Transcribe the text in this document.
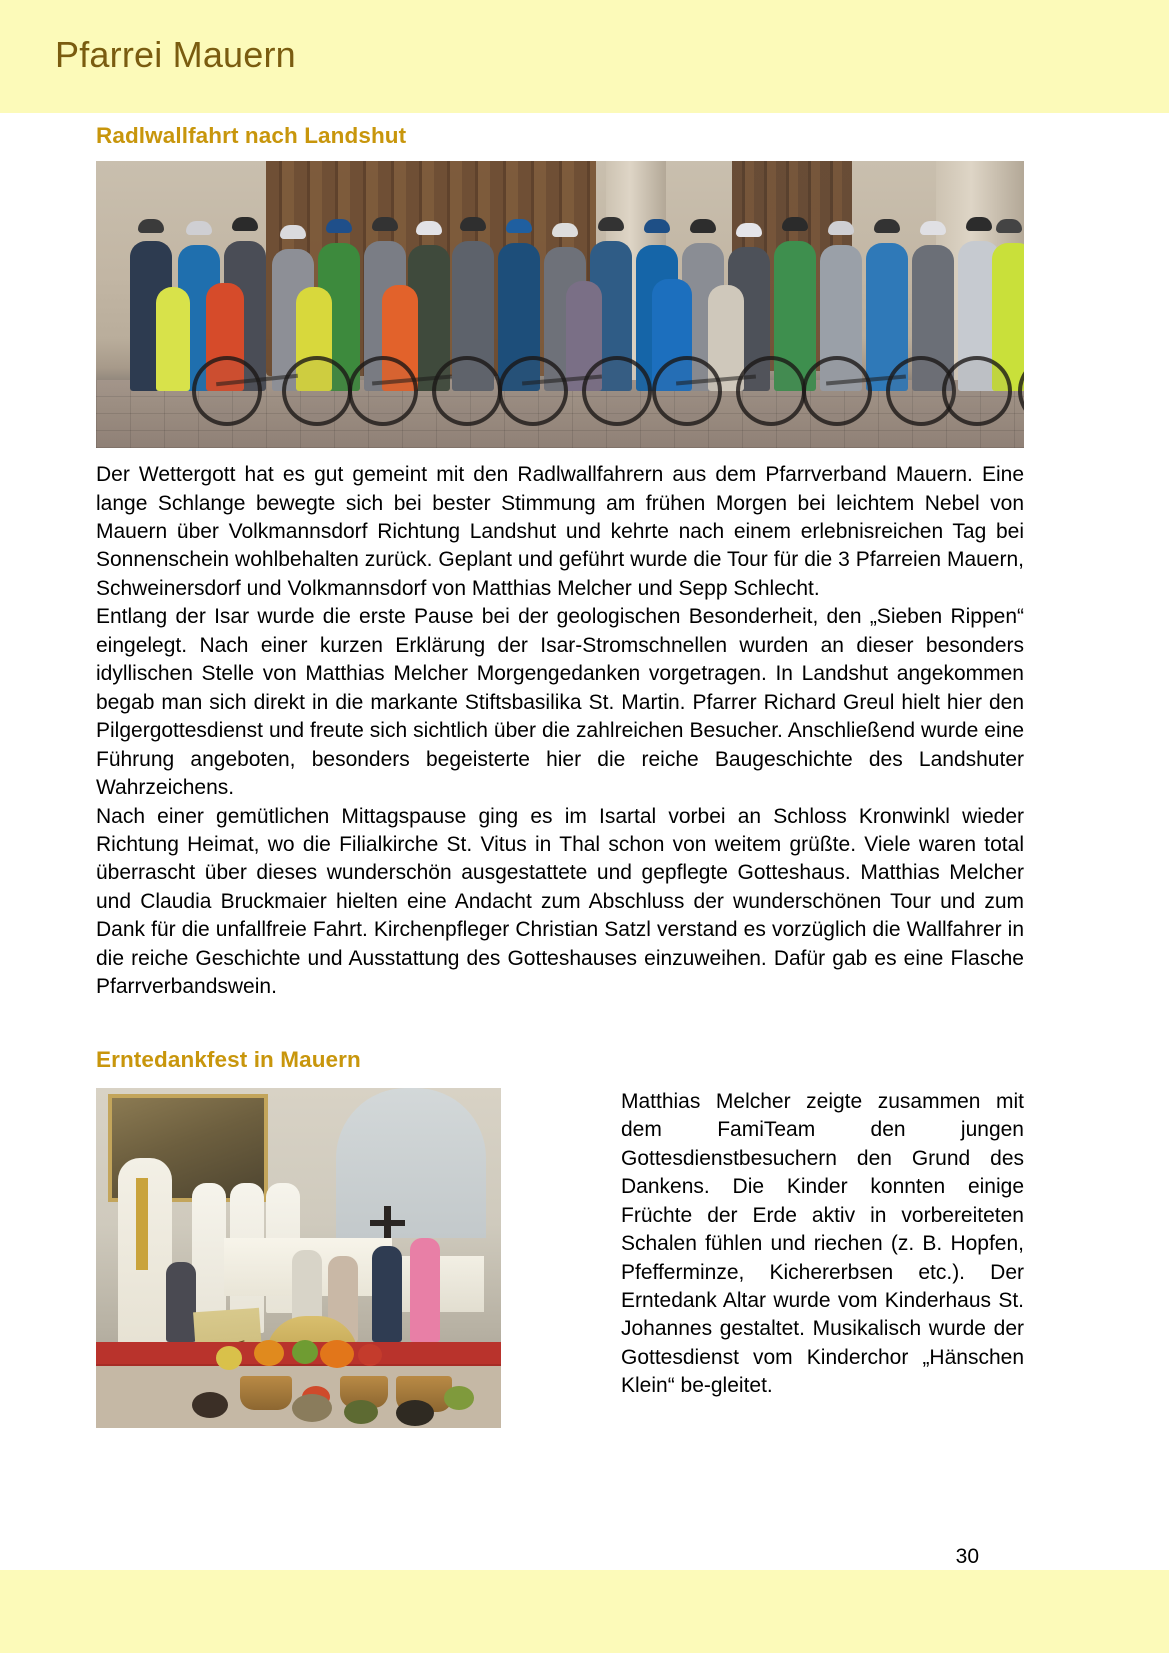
Pfarrei Mauern
Radlwallfahrt nach Landshut

Der Wettergott hat es gut gemeint mit den Radlwallfahrern aus dem Pfarrverband Mauern. Eine lange Schlange bewegte sich bei bester Stimmung am frühen Morgen bei leichtem Nebel von Mauern über Volkmannsdorf Richtung Landshut und kehrte nach einem erlebnisreichen Tag bei Sonnenschein wohlbehalten zurück. Geplant und geführt wurde die Tour für die 3 Pfarreien Mauern, Schweinersdorf und Volkmannsdorf von Matthias Melcher und Sepp Schlecht.

Entlang der Isar wurde die erste Pause bei der geologischen Besonderheit, den „Sieben Rippen“ eingelegt. Nach einer kurzen Erklärung der Isar-Stromschnellen wurden an dieser besonders idyllischen Stelle von Matthias Melcher Morgengedanken vorgetragen. In Landshut angekommen begab man sich direkt in die markante Stiftsbasilika St. Martin. Pfarrer Richard Greul hielt hier den Pilgergottesdienst und freute sich sichtlich über die zahlreichen Besucher. Anschließend wurde eine Führung angeboten, besonders begeisterte hier die reiche Baugeschichte des Landshuter Wahrzeichens.

Nach einer gemütlichen Mittagspause ging es im Isartal vorbei an Schloss Kronwinkl wieder Richtung Heimat, wo die Filialkirche St. Vitus in Thal schon von weitem grüßte. Viele waren total überrascht über dieses wunderschön ausgestattete und gepflegte Gotteshaus. Matthias Melcher und Claudia Bruckmaier hielten eine Andacht zum Abschluss der wunderschönen Tour und zum Dank für die unfallfreie Fahrt. Kirchenpfleger Christian Satzl verstand es vorzüglich die Wallfahrer in die reiche Geschichte und Ausstattung des Gotteshauses einzuweihen. Dafür gab es eine Flasche Pfarrverbandswein.

Erntedankfest in Mauern

Matthias Melcher zeigte zusammen mit dem FamiTeam den jungen Gottesdienstbesuchern den Grund des Dankens. Die Kinder konnten einige Früchte der Erde aktiv in vorbereiteten Schalen fühlen und riechen (z. B. Hopfen, Pfefferminze, Kichererbsen etc.). Der Erntedank Altar wurde vom Kinderhaus St. Johannes gestaltet. Musikalisch wurde der Gottesdienst vom Kinderchor „Hänschen Klein“ be-gleitet.

30
